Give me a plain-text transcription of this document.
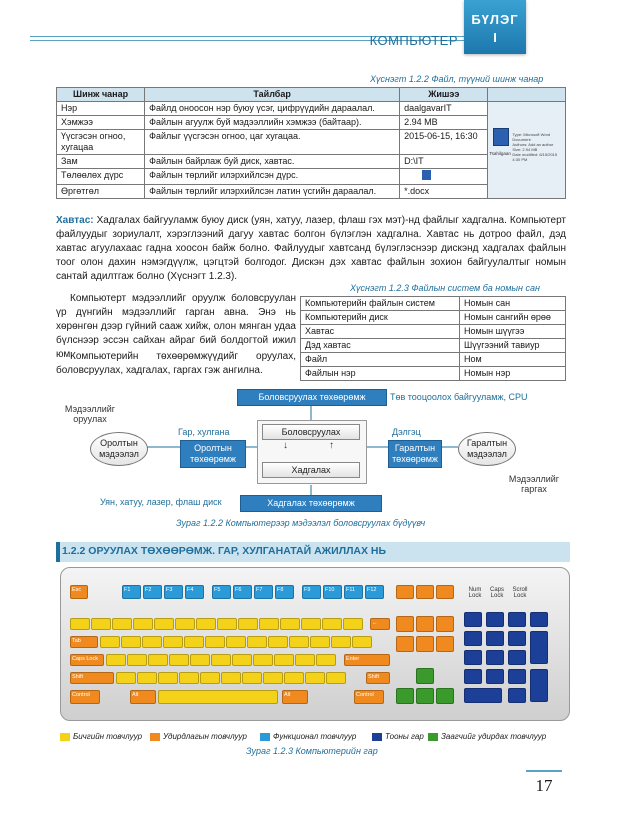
КОМПЬЮТЕР
БҮЛЭГ
I
Хүснэгт 1.2.2 Файл, түүний шинж чанар
Шинж чанар	Тайлбар	Жишээ	
Нэр	Файлд оноосон нэр буюу үсэг, цифрүүдийн дараалал.	daalgavarIT	Tsahilgaan
Type: Microsoft Word Document
Authors: Add an author
Size: 2.94 MB
Date modified: 6/15/2015 4:30 PM

Хэмжээ	Файлын агуулж буй мэдээллийн хэмжээ (байтаар).	2.94 MB	
Үүсгэсэн огноо, хугацаа	Файлыг үүсгэсэн огноо, цаг хугацаа.	2015-06-15, 16:30	
Зам	Файлын байрлаж буй диск, хавтас.	D:\IT	
Төлөөлөх дүрс	Файлын төрлийг илэрхийлсэн дүрс.		
Өргөтгөл	Файлын төрлийг илэрхийлсэн латин үсгийн дараалал.	*.docx	
Хавтас: Хадгалах байгууламж буюу диск (уян, хатуу, лазер, флаш гэх мэт)-нд файлыг хадгална. Компьютерт файлуудыг зориулалт, хэрэглээний дагуу хавтас болгон бүлэглэн хадгална. Хавтас нь дотроо файл, дэд хавтас агуулахаас гадна хоосон байж болно. Файлуудыг хавтсанд бүлэглэснээр дискэнд хадгалах файлын тоог олон дахин нэмэгдүүлж, цэгцтэй болгодог. Дискэн дэх хавтас файлын зохион байгуулалтыг номын сантай адилтгаж болно (Хүснэгт 1.2.3).
Компьютерт мэдээллийг оруулж боловсруулан үр дүнгийн мэдээллийг гарган авна. Энэ нь хөрөнгөн дээр гүйний сааж хийж, олон мянган удаа бүлснээр эссэн сайхан айраг бий болдогтой ижил юм.
Компьютерийн төхөөрөмжүүдийг оруулах, боловсруулах, хадгалах, гаргах гэж ангилна.
Хүснэгт 1.2.3 Файлын систем ба номын сан
Компьютерийн файлын систем	Номын сан
Компьютерийн диск	Номын сангийн өрөө
Хавтас	Номын шүүгээ
Дэд хавтас	Шүүгээний тавиур
Файл	Ном
Файлын нэр	Номын нэр
Боловсруулах төхөөрөмж	Төв тооцоолох байгууламж, CPU
Мэдээллийг оруулах
Оролтын мэдээлэл
Гар, хулгана
Оролтын төхөөрөмж
Боловсруулах
Хадгалах
↓	↑
Дэлгэц
Гаралтын төхөөрөмж
Гаралтын мэдээлэл
Мэдээллийг гаргах
Уян, хатуу, лазер, флаш диск	Хадгалах төхөөрөмж
Зураг 1.2.2 Компьютерээр мэдээлэл боловсруулах бүдүүвч
1.2.2 ОРУУЛАХ ТӨХӨӨРӨМЖ. ГАР, ХУЛГАНАТАЙ АЖИЛЛАХ НЬ
Esc	F1	F2	F3	F4	F5	F6	F7	F8	F9	F10	F11	F12	Num LockCaps LockScroll Lock
Tab
Caps Lock
Shift
Control	Alt	Alt	Control
Shift
Enter
←
Бичгийн товчлуур	Удирдлагын товчлуур	Функционал товчлуур	Тооны гар Заагчийг удирдах товчлуур
Зураг 1.2.3 Компьютерийн гар
17
